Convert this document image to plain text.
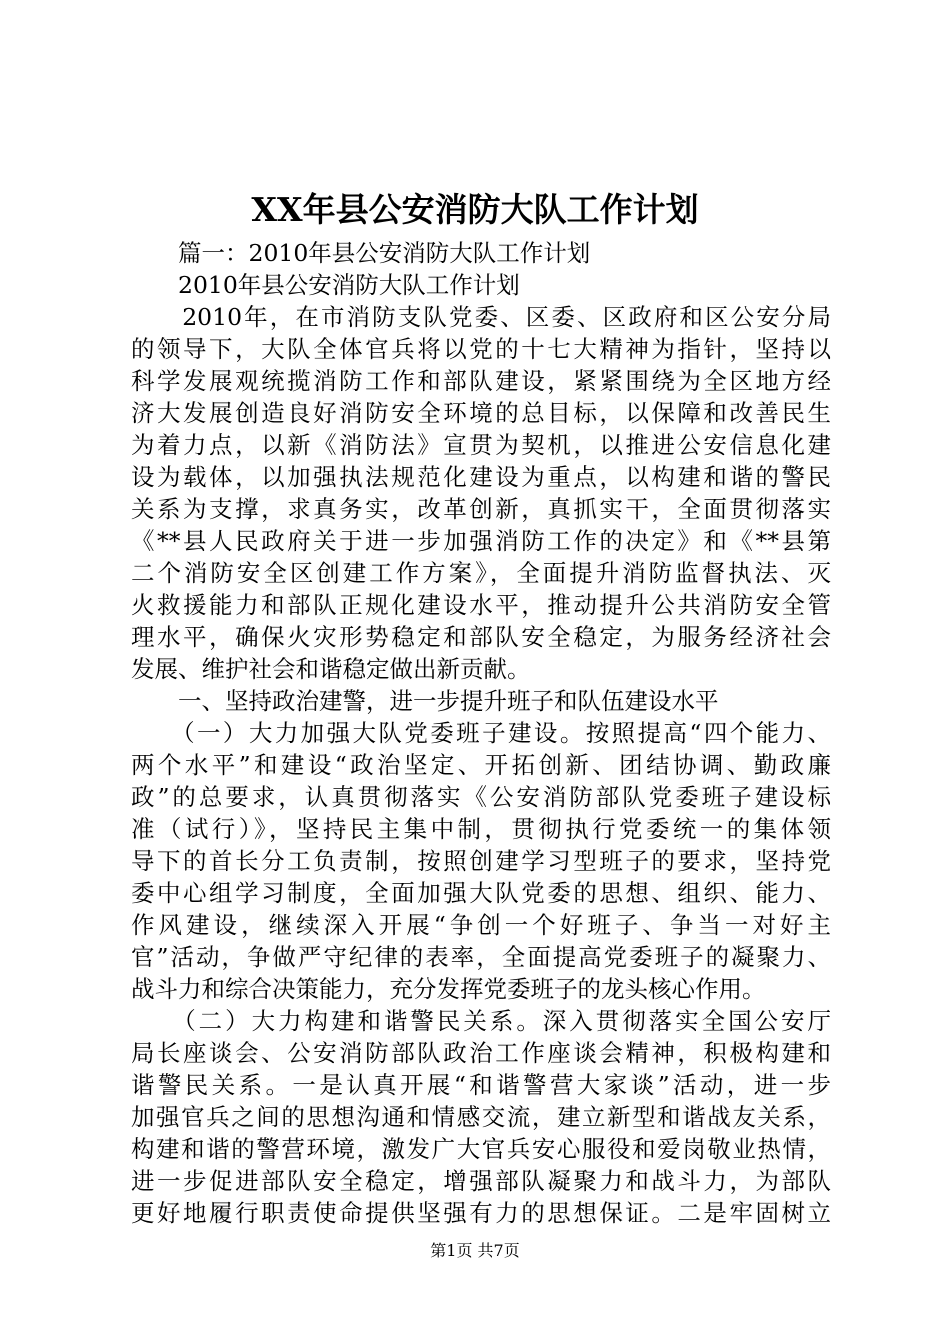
XX年县公安消防大队工作计划
　　篇一：2010年县公安消防大队工作计划
　　2010年县公安消防大队工作计划
　　2010年，在市消防支队党委、区委、区政府和区公安分局
的领导下，大队全体官兵将以党的十七大精神为指针，坚持以
科学发展观统揽消防工作和部队建设，紧紧围绕为全区地方经
济大发展创造良好消防安全环境的总目标，以保障和改善民生
为着力点，以新《消防法》宣贯为契机，以推进公安信息化建
设为载体，以加强执法规范化建设为重点，以构建和谐的警民
关系为支撑，求真务实，改革创新，真抓实干，全面贯彻落实
《**县人民政府关于进一步加强消防工作的决定》和《**县第
二个消防安全区创建工作方案》，全面提升消防监督执法、灭
火救援能力和部队正规化建设水平，推动提升公共消防安全管
理水平，确保火灾形势稳定和部队安全稳定，为服务经济社会
发展、维护社会和谐稳定做出新贡献。
　　一、坚持政治建警，进一步提升班子和队伍建设水平
　　（一）大力加强大队党委班子建设。按照提高“四个能力、
两个水平”和建设“政治坚定、开拓创新、团结协调、勤政廉
政”的总要求，认真贯彻落实《公安消防部队党委班子建设标
准（试行）》，坚持民主集中制，贯彻执行党委统一的集体领
导下的首长分工负责制，按照创建学习型班子的要求，坚持党
委中心组学习制度，全面加强大队党委的思想、组织、能力、
作风建设，继续深入开展“争创一个好班子、争当一对好主
官”活动，争做严守纪律的表率，全面提高党委班子的凝聚力、
战斗力和综合决策能力，充分发挥党委班子的龙头核心作用。
　　（二）大力构建和谐警民关系。深入贯彻落实全国公安厅
局长座谈会、公安消防部队政治工作座谈会精神，积极构建和
谐警民关系。一是认真开展“和谐警营大家谈”活动，进一步
加强官兵之间的思想沟通和情感交流，建立新型和谐战友关系，
构建和谐的警营环境，激发广大官兵安心服役和爱岗敬业热情，
进一步促进部队安全稳定，增强部队凝聚力和战斗力，为部队
更好地履行职责使命提供坚强有力的思想保证。二是牢固树立
第1页 共7页
